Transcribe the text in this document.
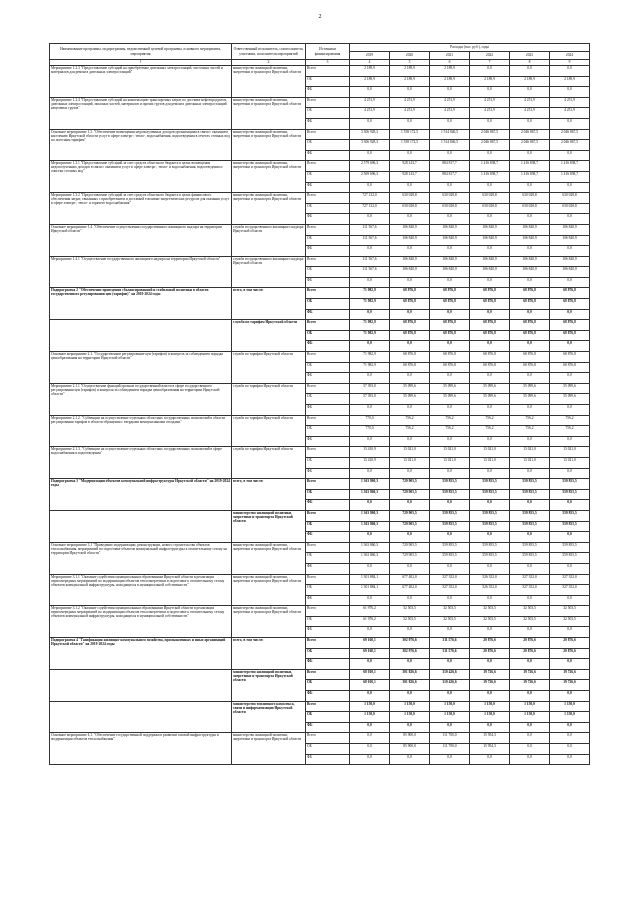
2
Наименование программы, подпрограммы, ведомственной целевой программы, основного мероприятия, мероприятия	Ответственный исполнитель, соисполнители, участники, исполнители мероприятий	Источники финансирования	Расходы (тыс. руб.), годы					
			2019	2020	2021	2022	2023	2024
1	2	3	4	5	6	7	8	9
Мероприятие 1.2.3 "Предоставление субсидий на приобретение дизельных электростанций, частотных частей и материалов для ремонта дизельных электростанций"	министерство жилищной политики, энергетики и транспорта Иркутской области	Всего	2 189,9	2 189,9	2 189,9	0,0	0,0	0,0
		ОБ	2 189,9	2 189,9	2 189,9	2 189,9	2 189,9	2 189,9
		ФБ	0,0	0,0	0,0	0,0	0,0	0,0
Мероприятие 1.2.4 "Предоставление субсидий на компенсацию транспортных затрат по доставке нефтепродуктов, дизельных электростанций, запасных частей, материалов и прочих грузов для ремонта дизельных электростанций нецелевых грузов"	министерство жилищной политики, энергетики и транспорта Иркутской области	Всего	4 251,9	4 251,9	4 251,9	4 251,9	4 251,9	4 251,9
		ОБ	4 251,9	4 251,9	4 251,9	4 251,9	4 251,9	4 251,9
		ФБ	0,0	0,0	0,0	0,0	0,0	0,0
Основное мероприятие 1.3. "Обеспечение возмещения недополученных доходов организациям в связи с оказанием населению Иркутской области услуг в сфере электро-, тепло-, водоснабжения, водоотведения в отчетах сточных вод по льготным тарифам"	министерство жилищной политики, энергетики и транспорта Иркутской области	Всего	3 306 928,3	1 558 172,5	1 514 846,5	2 046 867,5	2 046 867,5	2 046 867,5
		ОБ	3 306 928,3	1 558 172,5	1 514 846,5	2 046 867,5	2 046 867,5	2 046 867,5
		ФБ	0,0	0,0	0,0	0,0	0,0	0,0
Мероприятие 1.3.1 "Предоставление субсидий за счет средств областного бюджета в целях возмещения недополученных доходов в связи с оказанием услуг в сфере электро-, тепло- и водоснабжения, водоотведения и очистки сточных вод"	министерство жилищной политики, энергетики и транспорта Иркутской области	Всего	2 579 696,3	928 143,7	884 817,7	1 416 838,7	1 416 838,7	1 416 838,7
		ОБ	2 569 696,3	928 143,7	884 817,7	1 416 838,7	1 416 838,7	1 416 838,7
		ФБ	0,0	0,0	0,0	0,0	0,0	0,0
Мероприятие 1.3.2 "Предоставление субсидий за счет средств областного бюджета в целях финансового обеспечения затрат, связанных с приобретением и доставкой топливно-энергетических ресурсов для оказания услуг в сфере электро-, тепло- и горячего водоснабжения"	министерство жилищной политики, энергетики и транспорта Иркутской области	Всего	727 132,0	630 028,8	630 028,8	630 028,8	630 028,8	630 028,8
		ОБ	727 132,0	630 028,8	630 028,8	630 028,8	630 028,8	630 028,8
		ФБ	0,0	0,0	0,0	0,0	0,0	0,0
Основное мероприятие 1.4. "Обеспечение осуществления государственного жилищного надзора на территории Иркутской области"	служба государственного жилищного надзора Иркутской области	Всего	111 567,6	106 840,9	106 840,9	106 840,9	106 840,9	106 840,9
		ОБ	111 567,6	106 840,9	106 840,9	106 840,9	106 840,9	106 840,9
		ФБ	0,0	0,0	0,0	0,0	0,0	0,0
Мероприятие 1.4.1 "Осуществление государственного жилищного надзора на территории Иркутской области"	служба государственного жилищного надзора Иркутской области	Всего	111 567,6	106 840,9	106 840,9	106 840,9	106 840,9	106 840,9
		ОБ	111 567,6	106 840,9	106 840,9	106 840,9	106 840,9	106 840,9
		ФБ	0,0	0,0	0,0	0,0	0,0	0,0
Подпрограмма 2 "Обеспечение проведения сбалансированной и стабильной политики в области государственного регулирования цен (тарифов)" на 2019-2024 годы	всего, в том числе:	Всего	71 982,9	68 876,8	68 876,8	68 876,8	68 876,8	68 876,8
		ОБ	71 982,9	68 876,8	68 876,8	68 876,8	68 876,8	68 876,8
		ФБ	0,0	0,0	0,0	0,0	0,0	0,0
	служба по тарифам Иркутской области	Всего	71 982,9	68 876,8	68 876,8	68 876,8	68 876,8	68 876,8
		ОБ	71 982,9	68 876,8	68 876,8	68 876,8	68 876,8	68 876,8
		ФБ	0,0	0,0	0,0	0,0	0,0	0,0
Основное мероприятие 2.1. "Государственное регулирование цен (тарифов) и контроль за соблюдением порядка ценообразования на территории Иркутской области"	служба по тарифам Иркутской области	Всего	71 982,9	68 876,8	68 876,8	68 876,8	68 876,8	68 876,8
		ОБ	71 982,9	68 876,8	68 876,8	68 876,8	68 876,8	68 876,8
		ФБ	0,0	0,0	0,0	0,0	0,0	0,0
Мероприятие 2.1.1 "Осуществление функций органом государственной власти в сфере государственного регулирования цен (тарифов) и контроля за соблюдением порядка ценообразования на территории Иркутской области"	служба по тарифам Иркутской области	Всего	57 393,0	55 099,6	55 099,6	55 099,6	55 099,6	55 099,6
		ОБ	57 393,0	55 099,6	55 099,6	55 099,6	55 099,6	55 099,6
		ФБ	0,0	0,0	0,0	0,0	0,0	0,0
Мероприятие 2.1.2. "Субвенции на осуществление отдельных областных государственных полномочий в области регулирования тарифов в области обращения с твердыми коммунальными отходами"	служба по тарифам Иркутской области	Всего	770,0	756,2	756,2	756,2	756,2	756,2
		ОБ	770,0	756,2	756,2	756,2	756,2	756,2
		ФБ	0,0	0,0	0,0	0,0	0,0	0,0
Мероприятие 2.1.3. "Субвенции на осуществление отдельных областных государственных полномочий в сфере водоснабжения и водоотведения"	служба по тарифам Иркутской области	Всего	13 410,9	13 021,0	13 021,0	13 021,0	13 021,0	13 021,0
		ОБ	13 410,9	13 021,0	13 021,0	13 021,0	13 021,0	13 021,0
		ФБ	0,0	0,0	0,0	0,0	0,0	0,0
Подпрограмма 3 "Модернизация объектов коммунальной инфраструктуры Иркутской области" на 2019-2024 годы	всего, в том числе:	Всего	1 363 860,3	729 905,5	559 855,5	559 855,5	559 855,5	559 855,5
		ОБ	1 363 860,3	729 905,5	559 855,5	559 855,5	559 855,5	559 855,5
		ФБ	0,0	0,0	0,0	0,0	0,0	0,0
	министерство жилищной политики, энергетики и транспорта Иркутской области	Всего	1 363 860,3	729 905,5	559 855,5	559 855,5	559 855,5	559 855,5
		ОБ	1 363 860,3	729 905,5	559 855,5	559 855,5	559 855,5	559 855,5
		ФБ	0,0	0,0	0,0	0,0	0,0	0,0
Основное мероприятие 3.1 "Проведение модернизации, реконструкции, нового строительства объектов теплоснабжения, мероприятий по подготовке объектов коммунальной инфраструктуры к отопительному сезону на территории Иркутской области"	министерство жилищной политики, энергетики и транспорта Иркутской области	Всего	1 363 860,3	729 905,5	559 855,5	559 855,5	559 855,5	559 855,5
		ОБ	1 363 860,3	729 905,5	559 855,5	559 855,5	559 855,5	559 855,5
		ФБ	0,0	0,0	0,0	0,0	0,0	0,0
Мероприятие 3.1.1 "Оказание содействия муниципальным образованиям Иркутской области в реализации первоочередных мероприятий по модернизации объектов теплоэнергетики и подготовке к отопительному сезону объектов коммунальной инфраструктуры, находящихся в муниципальной собственности"	министерство жилищной политики, энергетики и транспорта Иркутской области	Всего	1 301 884,1	677 402,0	527 352,0	526 352,0	527 352,0	527 352,0
		ОБ	1 301 884,1	677 402,0	527 352,0	526 352,0	527 352,0	527 352,0
		ФБ	0,0	0,0	0,0	0,0	0,0	0,0
Мероприятие 3.1.2 "Оказание содействия муниципальным образованиям Иркутской области в реализации первоочередных мероприятий по модернизации объектов теплоэнергетики и подготовке к отопительному сезону объектов коммунальной инфраструктуры, находящихся в муниципальной собственности"	министерство жилищной политики, энергетики и транспорта Иркутской области	Всего	61 976,2	52 503,5	32 503,5	32 503,5	32 503,5	32 503,5
		ОБ	61 976,2	52 503,5	32 503,5	32 503,5	32 503,5	32 503,5
		ФБ	0,0	0,0	0,0	0,0	0,0	0,0
Подпрограмма 4 "Газификация жилищно-коммунального хозяйства, промышленных и иных организаций Иркутской области" на 2019-2024 годы	всего, в том числе:	Всего	69 160,1	302 976,6	311 576,6	20 876,6	20 876,6	20 876,6
		ОБ	69 160,1	302 976,6	311 576,6	20 876,6	20 876,6	20 876,6
		ФБ	0,0	0,0	0,0	0,0	0,0	0,0
	министерство жилищной политики, энергетики и транспорта Иркутской области	Всего	68 010,1	301 826,6	310 426,6	19 726,6	19 726,6	19 726,6
		ОБ	68 010,1	301 826,6	310 426,6	19 726,6	19 726,6	19 726,6
		ФБ	0,0	0,0	0,0	0,0	0,0	0,0
	министерство топливного комплекса, связи и информатизации Иркутской области	Всего	1 150,0	1 150,0	1 150,0	1 150,0	1 150,0	1 150,0
		ОБ	1 150,0	1 150,0	1 150,0	1 150,0	1 150,0	1 150,0
		ФБ	0,0	0,0	0,0	0,0	0,0	0,0
Основное мероприятие 4.1. "Обеспечение государственной поддержки в развитии газовой инфраструктуры и модернизация объектов теплоснабжения"	министерство жилищной политики, энергетики и транспорта Иркутской области	Всего	0,0	85 900,0	111 700,0	15 954,3	0,0	0,0
		ОБ	0,0	85 900,0	111 700,0	15 954,3	0,0	0,0
		ФБ	0,0	0,0	0,0	0,0	0,0	0,0
